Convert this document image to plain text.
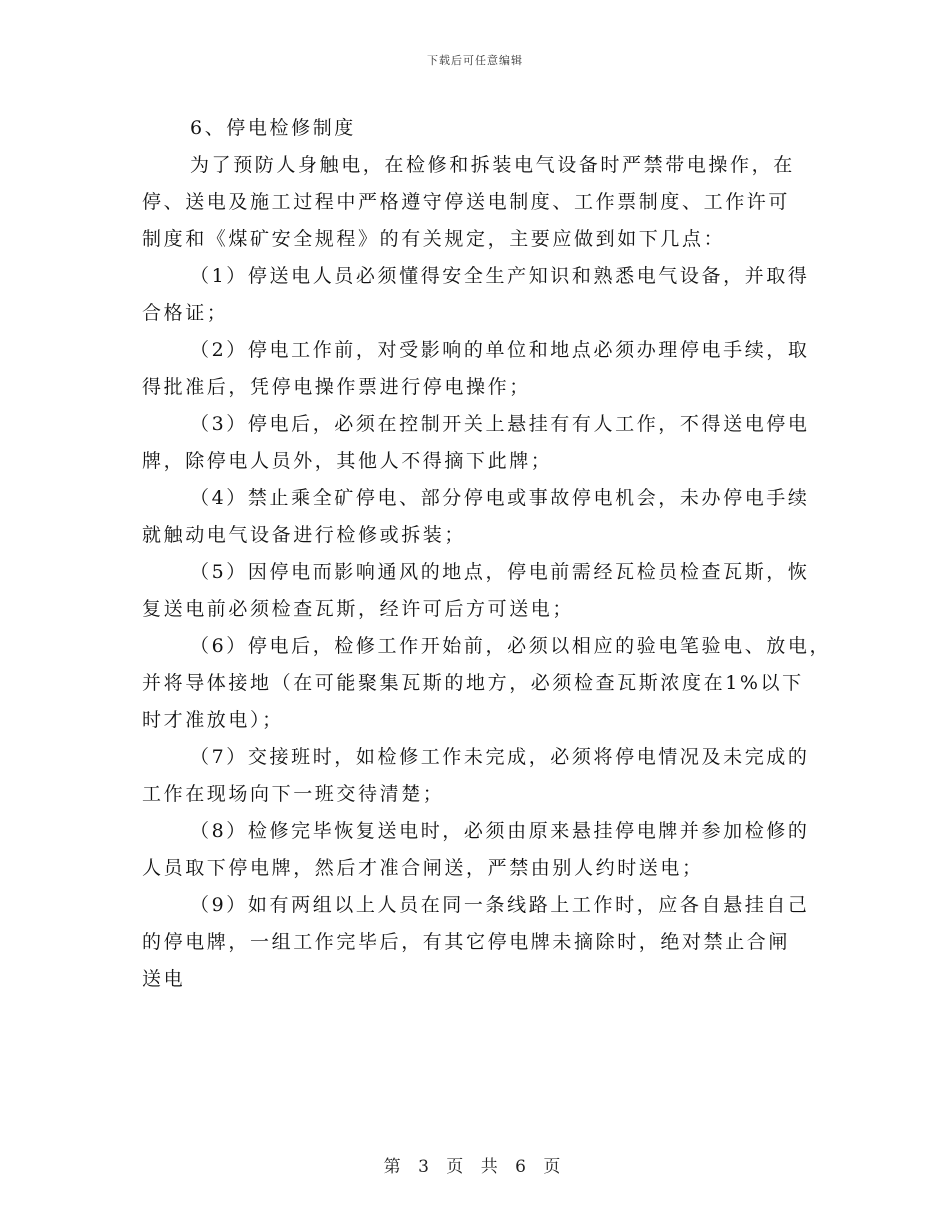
下载后可任意编辑
6、停电检修制度
为了预防人身触电，在检修和拆装电气设备时严禁带电操作，在
停、送电及施工过程中严格遵守停送电制度、工作票制度、工作许可
制度和《煤矿安全规程》的有关规定，主要应做到如下几点：
（1）停送电人员必须懂得安全生产知识和熟悉电气设备，并取得
合格证；
（2）停电工作前，对受影响的单位和地点必须办理停电手续，取
得批准后，凭停电操作票进行停电操作；
（3）停电后，必须在控制开关上悬挂有有人工作，不得送电停电
牌，除停电人员外，其他人不得摘下此牌；
（4）禁止乘全矿停电、部分停电或事故停电机会，未办停电手续
就触动电气设备进行检修或拆装；
（5）因停电而影响通风的地点，停电前需经瓦检员检查瓦斯，恢
复送电前必须检查瓦斯，经许可后方可送电；
（6）停电后，检修工作开始前，必须以相应的验电笔验电、放电，
并将导体接地（在可能聚集瓦斯的地方，必须检查瓦斯浓度在1%以下
时才准放电）；
（7）交接班时，如检修工作未完成，必须将停电情况及未完成的
工作在现场向下一班交待清楚；
（8）检修完毕恢复送电时，必须由原来悬挂停电牌并参加检修的
人员取下停电牌，然后才准合闸送，严禁由别人约时送电；
（9）如有两组以上人员在同一条线路上工作时，应各自悬挂自己
的停电牌，一组工作完毕后，有其它停电牌未摘除时，绝对禁止合闸
送电
第 3 页 共 6 页
